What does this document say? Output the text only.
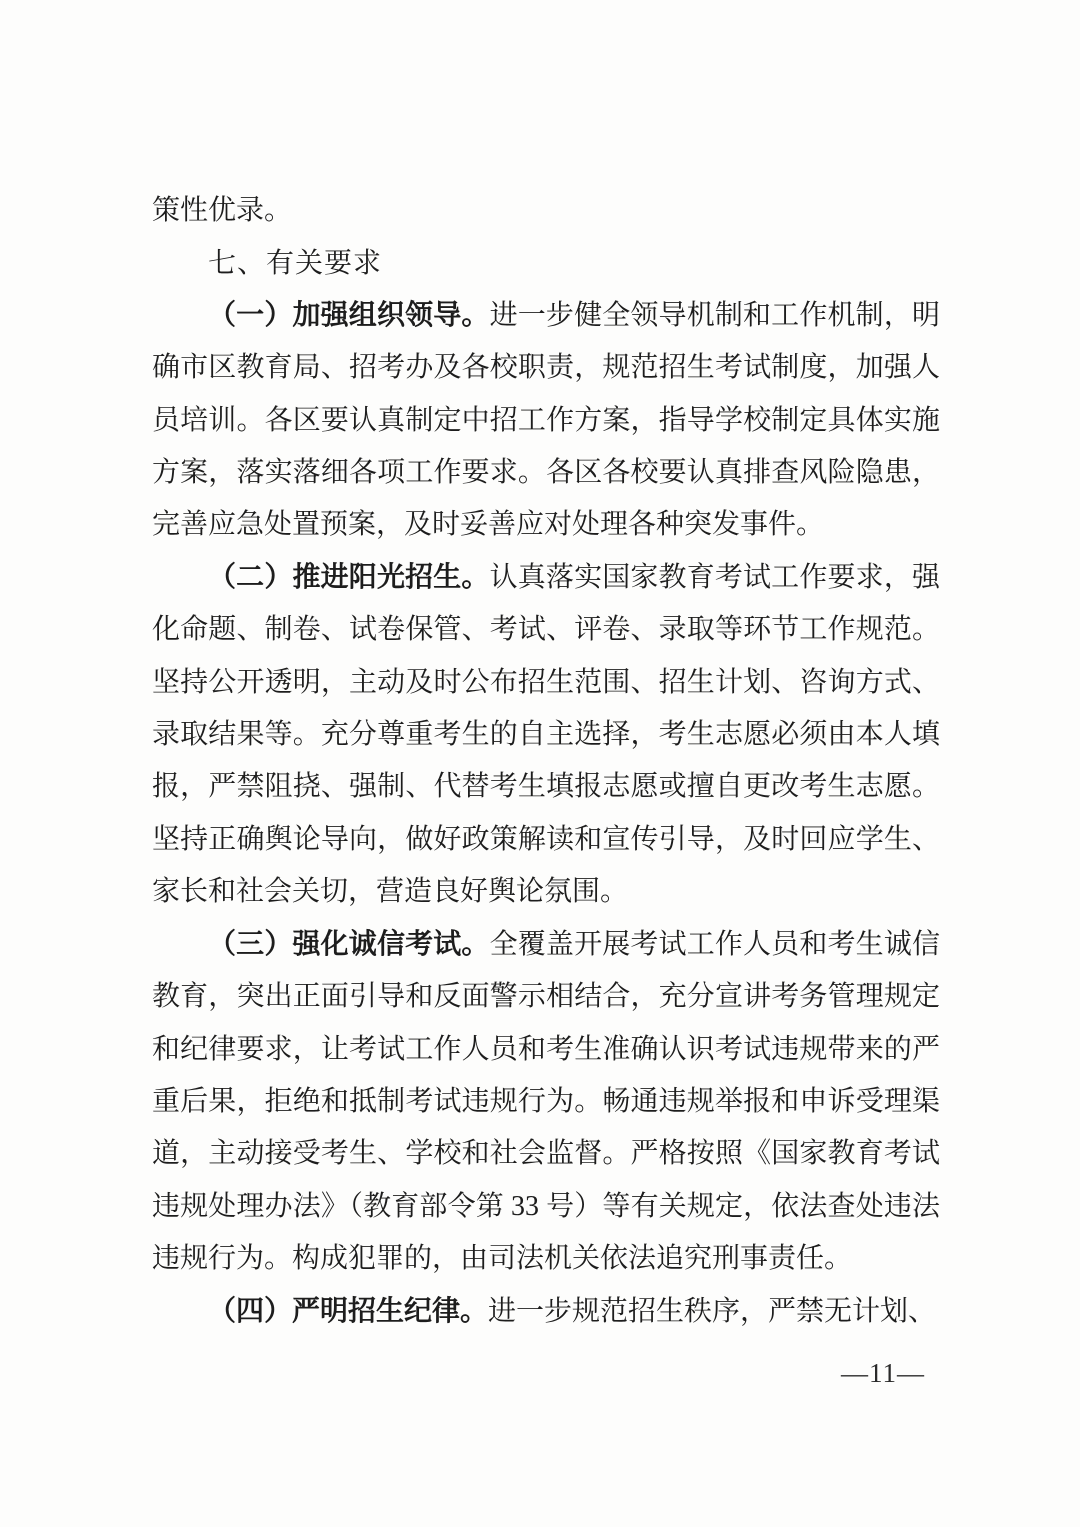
策性优录。

七、有关要求

（一）加强组织领导。进一步健全领导机制和工作机制，明确市区教育局、招考办及各校职责，规范招生考试制度，加强人员培训。各区要认真制定中招工作方案，指导学校制定具体实施方案，落实落细各项工作要求。各区各校要认真排查风险隐患，完善应急处置预案，及时妥善应对处理各种突发事件。

（二）推进阳光招生。认真落实国家教育考试工作要求，强化命题、制卷、试卷保管、考试、评卷、录取等环节工作规范。坚持公开透明，主动及时公布招生范围、招生计划、咨询方式、录取结果等。充分尊重考生的自主选择，考生志愿必须由本人填报，严禁阻挠、强制、代替考生填报志愿或擅自更改考生志愿。坚持正确舆论导向，做好政策解读和宣传引导，及时回应学生、家长和社会关切，营造良好舆论氛围。

（三）强化诚信考试。全覆盖开展考试工作人员和考生诚信教育，突出正面引导和反面警示相结合，充分宣讲考务管理规定和纪律要求，让考试工作人员和考生准确认识考试违规带来的严重后果，拒绝和抵制考试违规行为。畅通违规举报和申诉受理渠道，主动接受考生、学校和社会监督。严格按照《国家教育考试违规处理办法》（教育部令第 33 号）等有关规定，依法查处违法违规行为。构成犯罪的，由司法机关依法追究刑事责任。

（四）严明招生纪律。进一步规范招生秩序，严禁无计划、

—11—
